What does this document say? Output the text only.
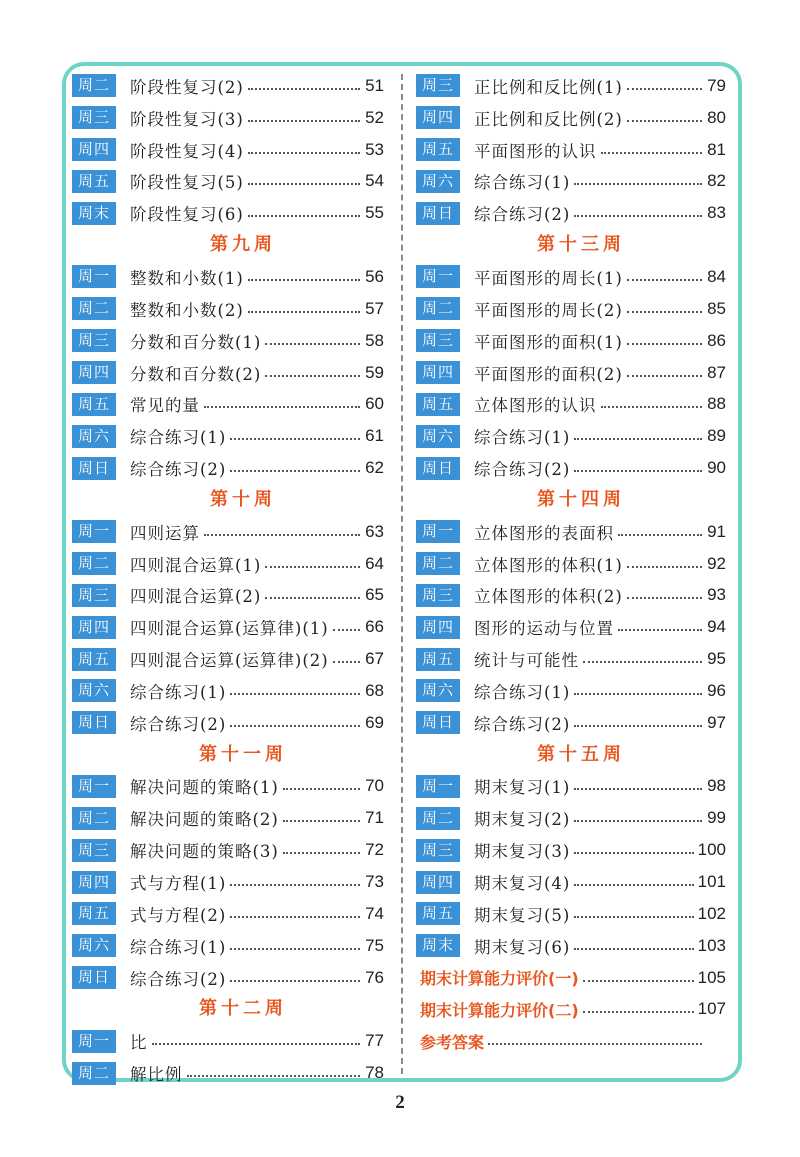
周二	阶段性复习(2)	51
周三	阶段性复习(3)	52
周四	阶段性复习(4)	53
周五	阶段性复习(5)	54
周末	阶段性复习(6)	55
第九周
周一	整数和小数(1)	56
周二	整数和小数(2)	57
周三	分数和百分数(1)	58
周四	分数和百分数(2)	59
周五	常见的量	60
周六	综合练习(1)	61
周日	综合练习(2)	62
第十周
周一	四则运算	63
周二	四则混合运算(1)	64
周三	四则混合运算(2)	65
周四	四则混合运算(运算律)(1) 66
周五	四则混合运算(运算律)(2) 67
周六	综合练习(1)	68
周日	综合练习(2)	69
第十一周
周一	解决问题的策略(1)	70
周二	解决问题的策略(2)	71
周三	解决问题的策略(3)	72
周四	式与方程(1)	73
周五	式与方程(2)	74
周六	综合练习(1)	75
周日	综合练习(2)	76
第十二周
周一	比	77
周二	解比例	78
周三	正比例和反比例(1)	79
周四	正比例和反比例(2)	80
周五	平面图形的认识	81
周六	综合练习(1)	82
周日	综合练习(2)	83
第十三周
周一	平面图形的周长(1)	84
周二	平面图形的周长(2)	85
周三	平面图形的面积(1)	86
周四	平面图形的面积(2)	87
周五	立体图形的认识	88
周六	综合练习(1)	89
周日	综合练习(2)	90
第十四周
周一	立体图形的表面积	91
周二	立体图形的体积(1)	92
周三	立体图形的体积(2)	93
周四	图形的运动与位置	94
周五	统计与可能性	95
周六	综合练习(1)	96
周日	综合练习(2)	97
第十五周
周一	期末复习(1)	98
周二	期末复习(2)	99
周三	期末复习(3)	100
周四	期末复习(4)	101
周五	期末复习(5)	102
周末	期末复习(6)	103
期末计算能力评价(一)	105
期末计算能力评价(二)	107
参考答案
2
